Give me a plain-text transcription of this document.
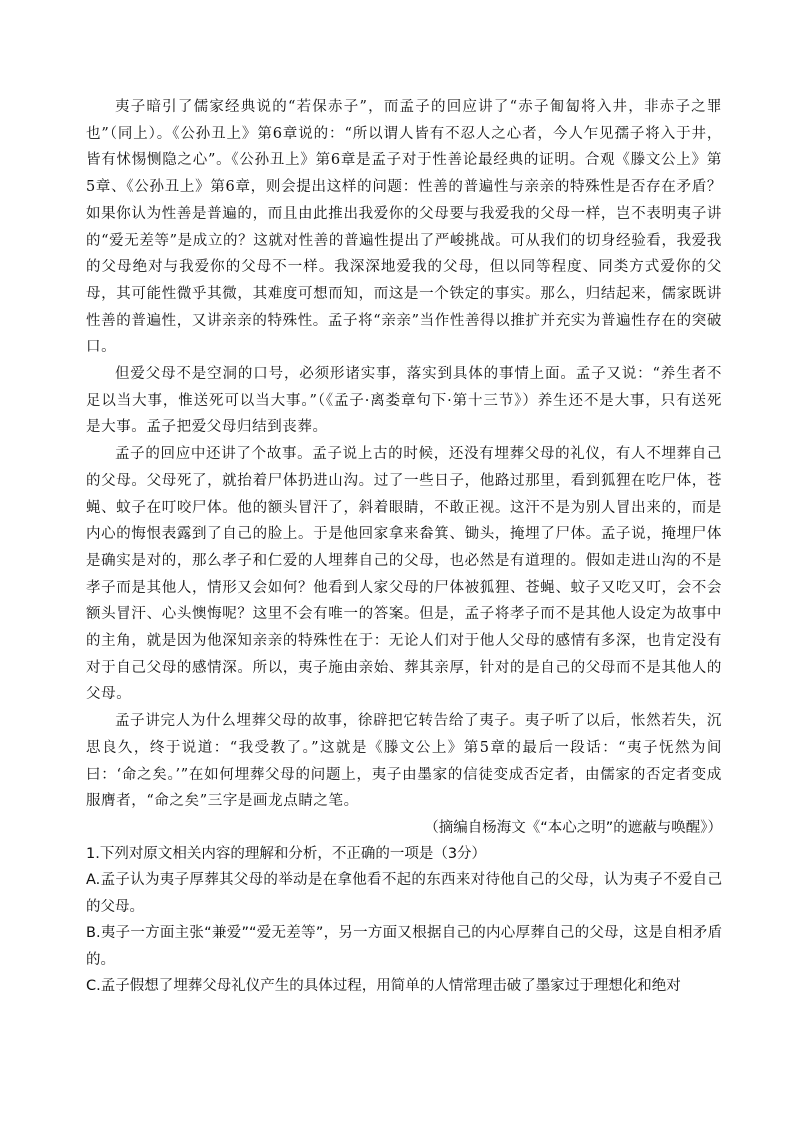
夷子暗引了儒家经典说的“若保赤子”，而孟子的回应讲了“赤子匍匐将入井，非赤子之罪也”（同上）。《公孙丑上》第6章说的：“所以谓人皆有不忍人之心者，今人乍见孺子将入于井，皆有怵惕恻隐之心”。《公孙丑上》第6章是孟子对于性善论最经典的证明。合观《滕文公上》第5章、《公孙丑上》第6章，则会提出这样的问题：性善的普遍性与亲亲的特殊性是否存在矛盾？如果你认为性善是普遍的，而且由此推出我爱你的父母要与我爱我的父母一样，岂不表明夷子讲的“爱无差等”是成立的？这就对性善的普遍性提出了严峻挑战。可从我们的切身经验看，我爱我的父母绝对与我爱你的父母不一样。我深深地爱我的父母，但以同等程度、同类方式爱你的父母，其可能性微乎其微，其难度可想而知，而这是一个铁定的事实。那么，归结起来，儒家既讲性善的普遍性，又讲亲亲的特殊性。孟子将“亲亲”当作性善得以推扩并充实为普遍性存在的突破口。

但爱父母不是空洞的口号，必须形诸实事，落实到具体的事情上面。孟子又说：“养生者不足以当大事，惟送死可以当大事。”（《孟子·离娄章句下·第十三节》）养生还不是大事，只有送死是大事。孟子把爱父母归结到丧葬。

孟子的回应中还讲了个故事。孟子说上古的时候，还没有埋葬父母的礼仪，有人不埋葬自己的父母。父母死了，就抬着尸体扔进山沟。过了一些日子，他路过那里，看到狐狸在吃尸体，苍蝇、蚊子在叮咬尸体。他的额头冒汗了，斜着眼睛，不敢正视。这汗不是为别人冒出来的，而是内心的悔恨表露到了自己的脸上。于是他回家拿来畚箕、锄头，掩埋了尸体。孟子说，掩埋尸体是确实是对的，那么孝子和仁爱的人埋葬自己的父母，也必然是有道理的。假如走进山沟的不是孝子而是其他人，情形又会如何？他看到人家父母的尸体被狐狸、苍蝇、蚊子又吃又叮，会不会额头冒汗、心头懊悔呢？这里不会有唯一的答案。但是，孟子将孝子而不是其他人设定为故事中的主角，就是因为他深知亲亲的特殊性在于：无论人们对于他人父母的感情有多深，也肯定没有对于自己父母的感情深。所以，夷子施由亲始、葬其亲厚，针对的是自己的父母而不是其他人的父母。

孟子讲完人为什么埋葬父母的故事，徐辟把它转告给了夷子。夷子听了以后，怅然若失，沉思良久，终于说道：“我受教了。”这就是《滕文公上》第5章的最后一段话：“夷子怃然为间曰：‘命之矣。’”在如何埋葬父母的问题上，夷子由墨家的信徒变成否定者，由儒家的否定者变成服膺者，“命之矣”三字是画龙点睛之笔。

（摘编自杨海文《“本心之明”的遮蔽与唤醒》）

1.下列对原文相关内容的理解和分析，不正确的一项是（3分）

A.孟子认为夷子厚葬其父母的举动是在拿他看不起的东西来对待他自己的父母，认为夷子不爱自己的父母。

B.夷子一方面主张“兼爱”“爱无差等”，另一方面又根据自己的内心厚葬自己的父母，这是自相矛盾的。

C.孟子假想了埋葬父母礼仪产生的具体过程，用简单的人情常理击破了墨家过于理想化和绝对
